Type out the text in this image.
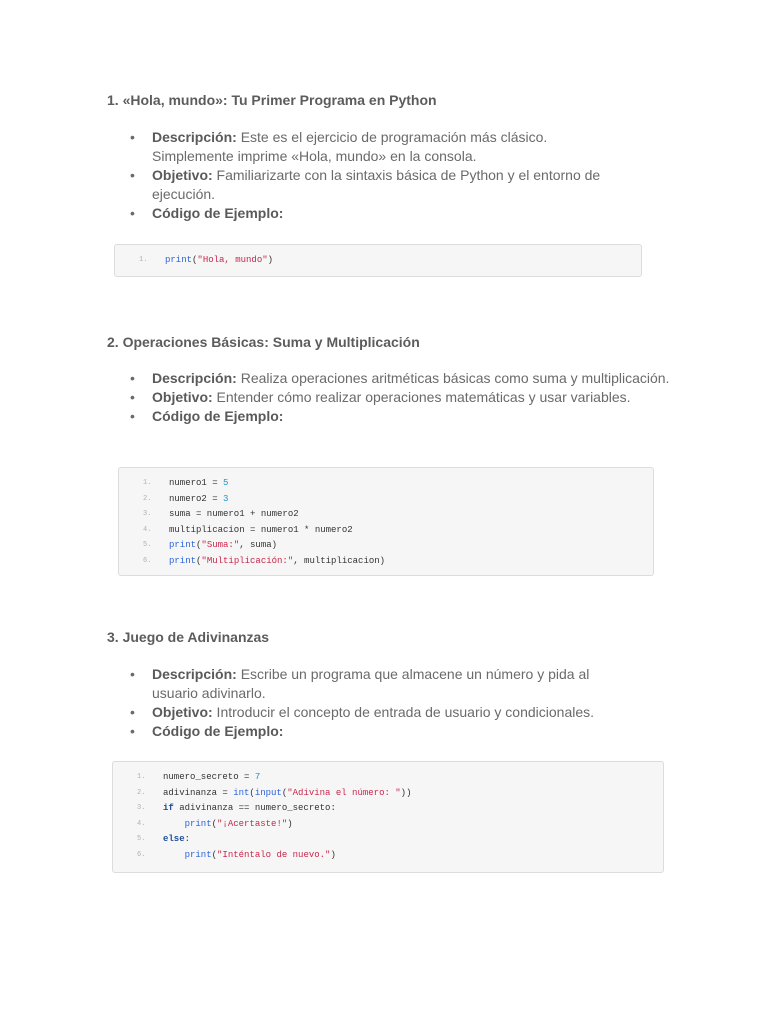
1. «Hola, mundo»: Tu Primer Programa en Python
• Descripción: Este es el ejercicio de programación más clásico. Simplemente imprime «Hola, mundo» en la consola.
• Objetivo: Familiarizarte con la sintaxis básica de Python y el entorno de ejecución.
• Código de Ejemplo:
1.	print("Hola, mundo")
2. Operaciones Básicas: Suma y Multiplicación
• Descripción: Realiza operaciones aritméticas básicas como suma y multiplicación.
• Objetivo: Entender cómo realizar operaciones matemáticas y usar variables.
• Código de Ejemplo:
1.	numero1 = 5
2.	numero2 = 3
3.	suma = numero1 + numero2
4.	multiplicacion = numero1 * numero2
5.	print("Suma:", suma)
6.	print("Multiplicación:", multiplicacion)
3. Juego de Adivinanzas
• Descripción: Escribe un programa que almacene un número y pida al usuario adivinarlo.
• Objetivo: Introducir el concepto de entrada de usuario y condicionales.
• Código de Ejemplo:
1.	numero_secreto = 7
2.	adivinanza = int(input("Adivina el número: "))
3.	if adivinanza == numero_secreto:
4.	print("¡Acertaste!")
5.	else:
6.	print("Inténtalo de nuevo.")
